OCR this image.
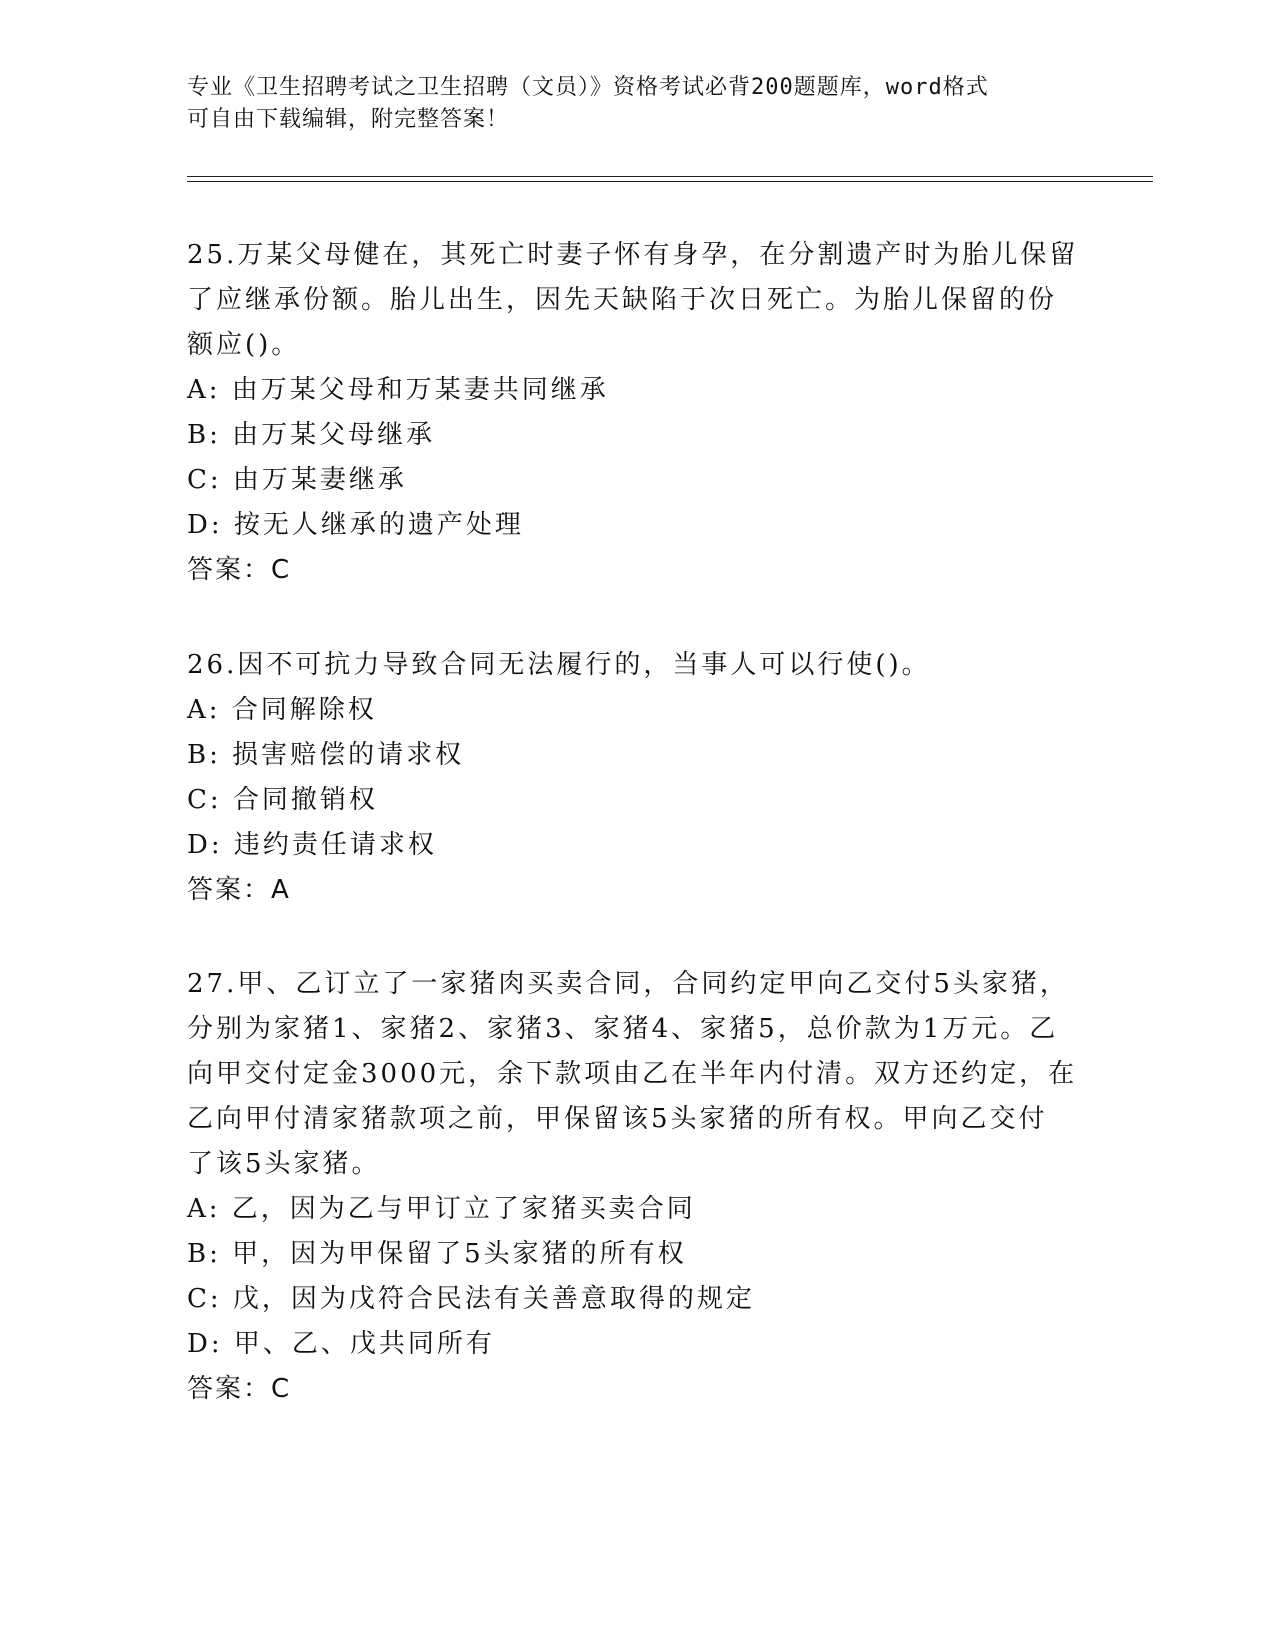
专业《卫生招聘考试之卫生招聘（文员）》资格考试必背200题题库，word格式
可自由下载编辑，附完整答案！
25.万某父母健在，其死亡时妻子怀有身孕，在分割遗产时为胎儿保留
了应继承份额。胎儿出生，因先天缺陷于次日死亡。为胎儿保留的份
额应()。
A: 由万某父母和万某妻共同继承
B: 由万某父母继承
C: 由万某妻继承
D: 按无人继承的遗产处理
答案：C
26.因不可抗力导致合同无法履行的，当事人可以行使()。
A: 合同解除权
B: 损害赔偿的请求权
C: 合同撤销权
D: 违约责任请求权
答案：A
27.甲、乙订立了一家猪肉买卖合同，合同约定甲向乙交付5头家猪，
分别为家猪1、家猪2、家猪3、家猪4、家猪5，总价款为1万元。乙
向甲交付定金3000元，余下款项由乙在半年内付清。双方还约定，在
乙向甲付清家猪款项之前，甲保留该5头家猪的所有权。甲向乙交付
了该5头家猪。
A: 乙，因为乙与甲订立了家猪买卖合同
B: 甲，因为甲保留了5头家猪的所有权
C: 戊，因为戊符合民法有关善意取得的规定
D: 甲、乙、戊共同所有
答案：C
